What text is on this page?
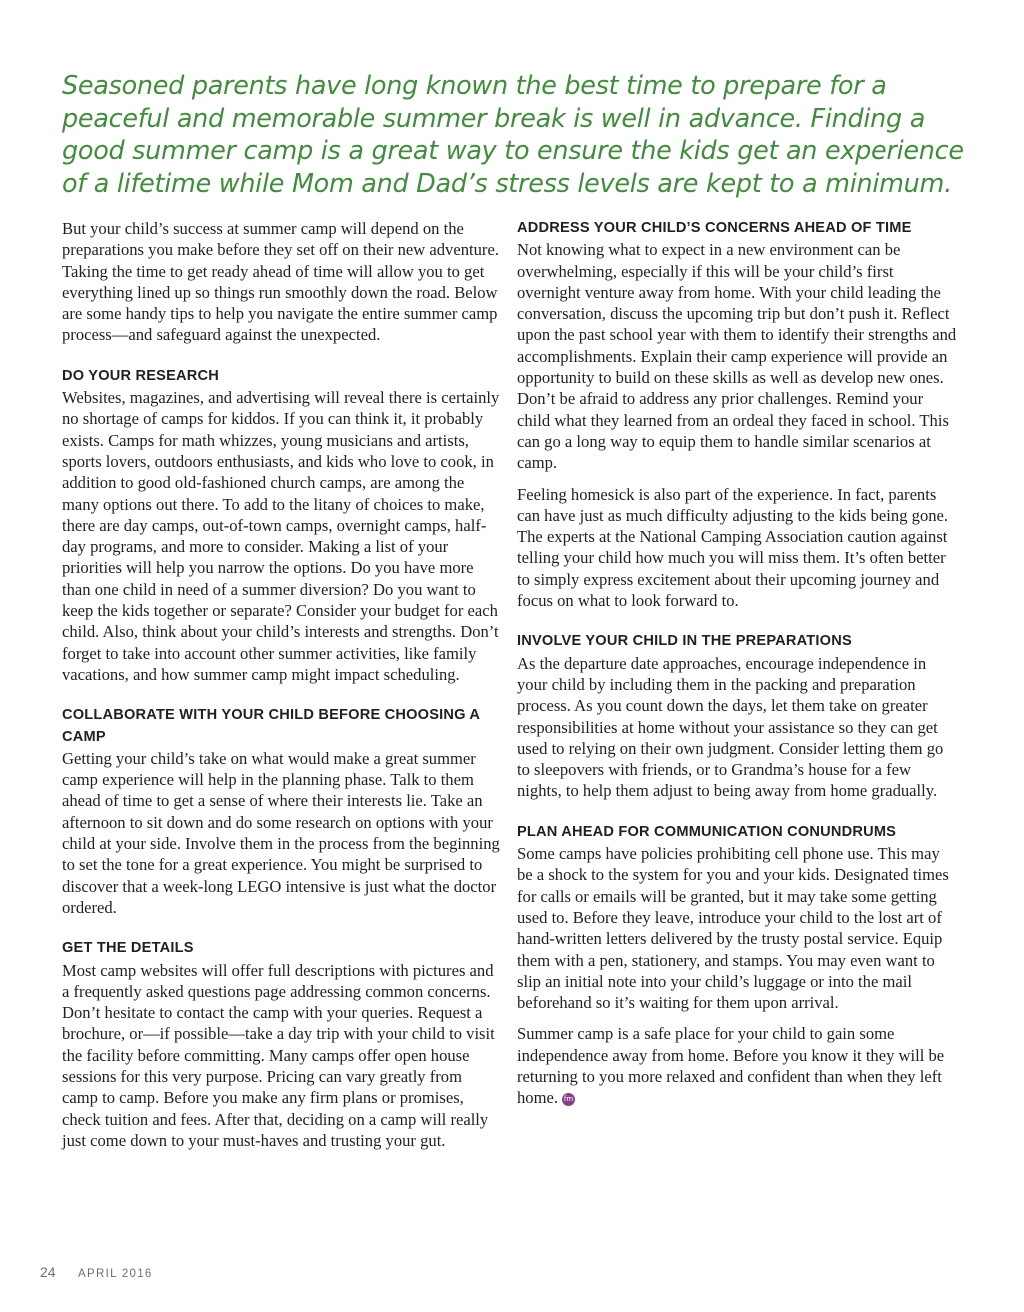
Seasoned parents have long known the best time to prepare for a peaceful and memorable summer break is well in advance. Finding a good summer camp is a great way to ensure the kids get an experience of a lifetime while Mom and Dad’s stress levels are kept to a minimum.

But your child’s success at summer camp will depend on the preparations you make before they set off on their new adventure. Taking the time to get ready ahead of time will allow you to get everything lined up so things run smoothly down the road. Below are some handy tips to help you navigate the entire summer camp process—and safeguard against the unexpected.

DO YOUR RESEARCH

Websites, magazines, and advertising will reveal there is certainly no shortage of camps for kiddos. If you can think it, it probably exists. Camps for math whizzes, young musicians and artists, sports lovers, outdoors enthusiasts, and kids who love to cook, in addition to good old-fashioned church camps, are among the many options out there. To add to the litany of choices to make, there are day camps, out-of-town camps, overnight camps, half-day programs, and more to consider. Making a list of your priorities will help you narrow the options. Do you have more than one child in need of a summer diversion? Do you want to keep the kids together or separate? Consider your budget for each child. Also, think about your child’s interests and strengths. Don’t forget to take into account other summer activities, like family vacations, and how summer camp might impact scheduling.

COLLABORATE WITH YOUR CHILD BEFORE CHOOSING A CAMP

Getting your child’s take on what would make a great summer camp experience will help in the planning phase. Talk to them ahead of time to get a sense of where their interests lie. Take an afternoon to sit down and do some research on options with your child at your side. Involve them in the process from the beginning to set the tone for a great experience. You might be surprised to discover that a week-long LEGO intensive is just what the doctor ordered.

GET THE DETAILS

Most camp websites will offer full descriptions with pictures and a frequently asked questions page addressing common concerns. Don’t hesitate to contact the camp with your queries. Request a brochure, or—if possible—take a day trip with your child to visit the facility before committing. Many camps offer open house sessions for this very purpose. Pricing can vary greatly from camp to camp. Before you make any firm plans or promises, check tuition and fees. After that, deciding on a camp will really just come down to your must-haves and trusting your gut.

ADDRESS YOUR CHILD’S CONCERNS AHEAD OF TIME

Not knowing what to expect in a new environment can be overwhelming, especially if this will be your child’s first overnight venture away from home. With your child leading the conversation, discuss the upcoming trip but don’t push it. Reflect upon the past school year with them to identify their strengths and accomplishments. Explain their camp experience will provide an opportunity to build on these skills as well as develop new ones. Don’t be afraid to address any prior challenges. Remind your child what they learned from an ordeal they faced in school. This can go a long way to equip them to handle similar scenarios at camp.

Feeling homesick is also part of the experience. In fact, parents can have just as much difficulty adjusting to the kids being gone. The experts at the National Camping Association caution against telling your child how much you will miss them. It’s often better to simply express excitement about their upcoming journey and focus on what to look forward to.

INVOLVE YOUR CHILD IN THE PREPARATIONS

As the departure date approaches, encourage independence in your child by including them in the packing and preparation process. As you count down the days, let them take on greater responsibilities at home without your assistance so they can get used to relying on their own judgment. Consider letting them go to sleepovers with friends, or to Grandma’s house for a few nights, to help them adjust to being away from home gradually.

PLAN AHEAD FOR COMMUNICATION CONUNDRUMS

Some camps have policies prohibiting cell phone use. This may be a shock to the system for you and your kids. Designated times for calls or emails will be granted, but it may take some getting used to. Before they leave, introduce your child to the lost art of hand-written letters delivered by the trusty postal service. Equip them with a pen, stationery, and stamps. You may even want to slip an initial note into your child’s luggage or into the mail beforehand so it’s waiting for them upon arrival.

Summer camp is a safe place for your child to gain some independence away from home. Before you know it they will be returning to you more relaxed and confident than when they left home. fm

24 APRIL 2016
